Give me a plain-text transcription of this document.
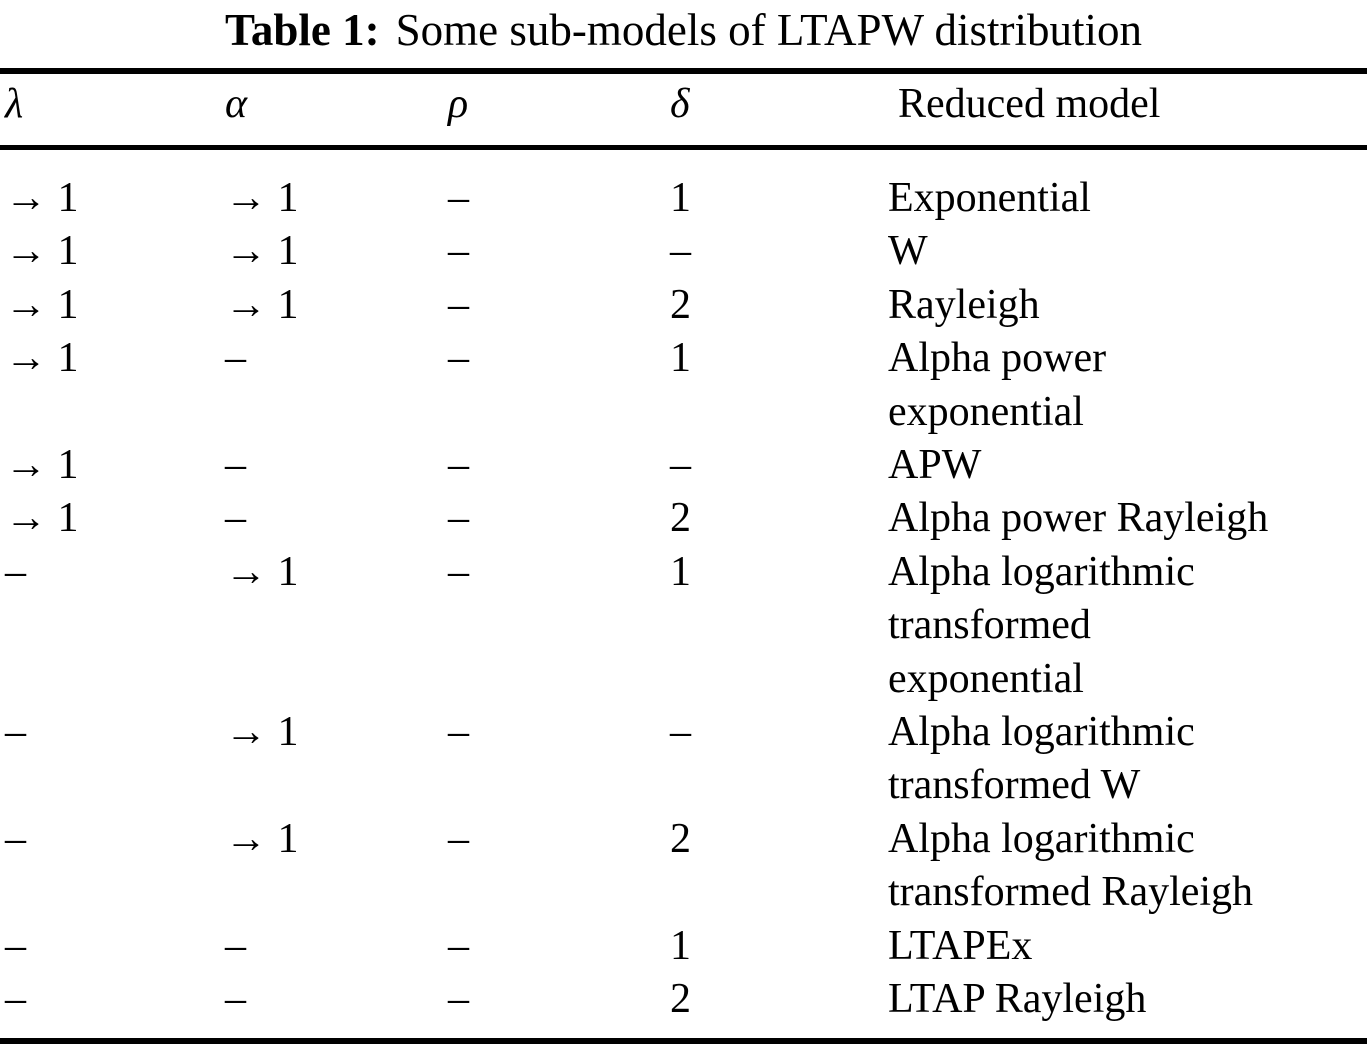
Table 1: Some sub-models of LTAPW distribution
λ	α	ρ	δ	Reduced model
→ 1	→ 1	–	1	Exponential
→ 1	→ 1	–	–	W
→ 1	→ 1	–	2	Rayleigh
→ 1	–	–	1	Alpha power
exponential
→ 1	–	–	–	APW
→ 1	–	–	2	Alpha power Rayleigh
–	→ 1	–	1	Alpha logarithmic
transformed
exponential
–	→ 1	–	–	Alpha logarithmic
transformed W
–	→ 1	–	2	Alpha logarithmic
transformed Rayleigh
–	–	–	1	LTAPEx
–	–	–	2	LTAP Rayleigh
